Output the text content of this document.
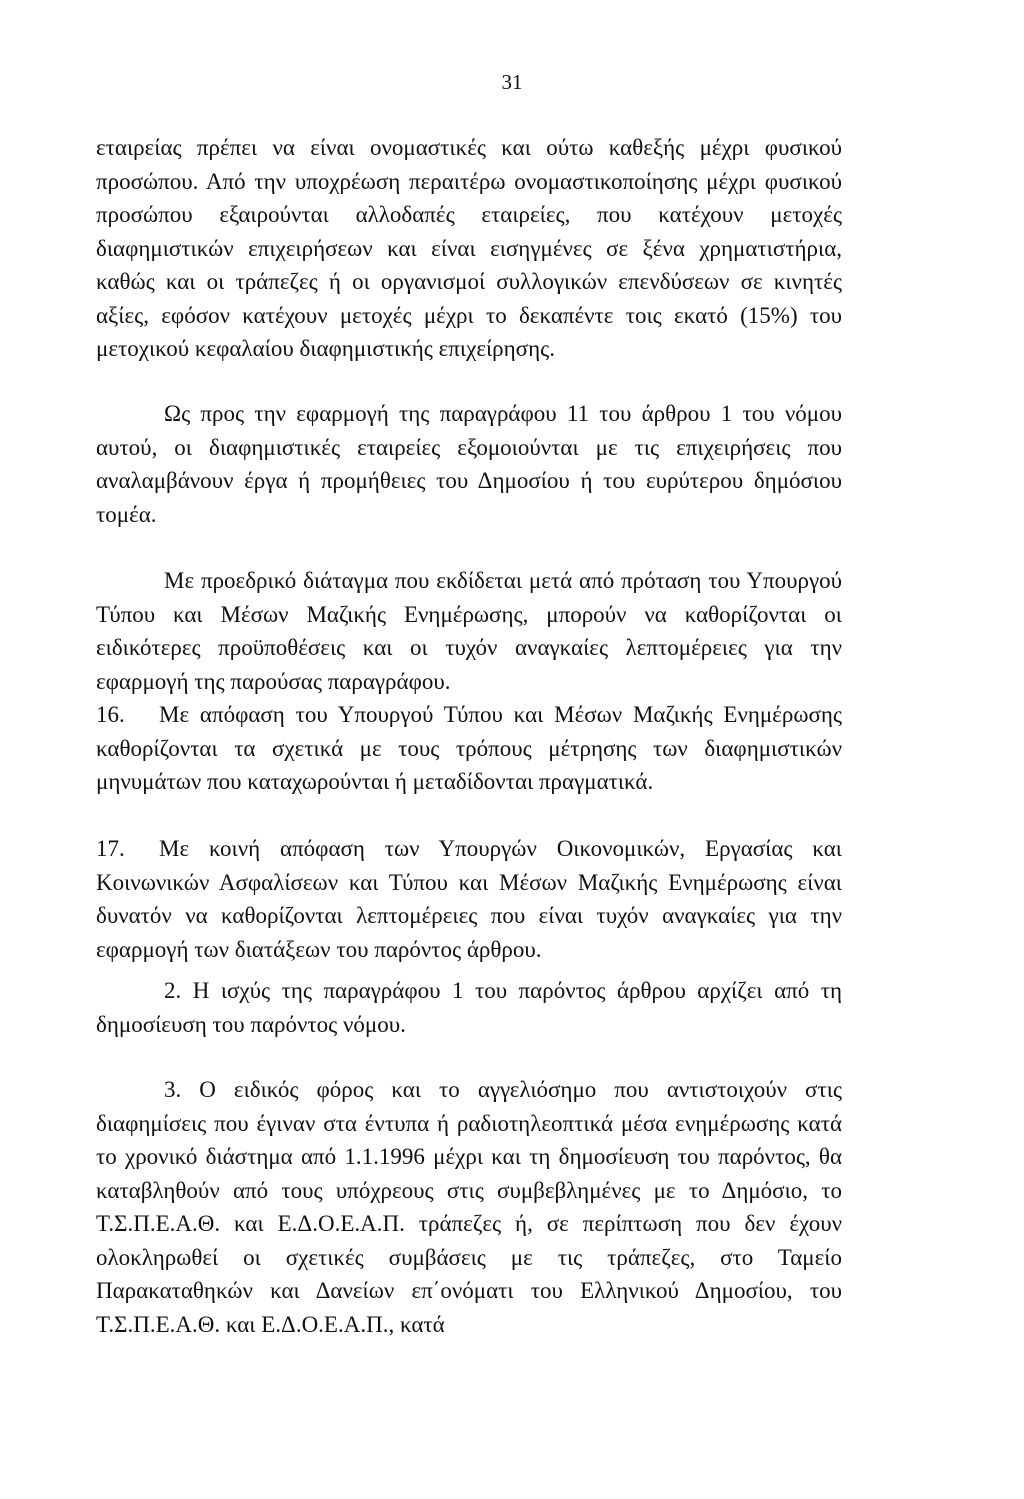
31

εταιρείας πρέπει να είναι ονομαστικές και ούτω καθεξής μέχρι φυσικού προσώπου. Από την υποχρέωση περαιτέρω ονομαστικοποίησης μέχρι φυσικού προσώπου εξαιρούνται αλλοδαπές εταιρείες, που κατέχουν μετοχές διαφημιστικών επιχειρήσεων και είναι εισηγμένες σε ξένα χρηματιστήρια, καθώς και οι τράπεζες ή οι οργανισμοί συλλογικών επενδύσεων σε κινητές αξίες, εφόσον κατέχουν μετοχές μέχρι το δεκαπέντε τοις εκατό (15%) του μετοχικού κεφαλαίου διαφημιστικής επιχείρησης.

Ως προς την εφαρμογή της παραγράφου 11 του άρθρου 1 του νόμου αυτού, οι διαφημιστικές εταιρείες εξομοιούνται με τις επιχειρήσεις που αναλαμβάνουν έργα ή προμήθειες του Δημοσίου ή του ευρύτερου δημόσιου τομέα.

Με προεδρικό διάταγμα που εκδίδεται μετά από πρόταση του Υπουργού Τύπου και Μέσων Μαζικής Ενημέρωσης, μπορούν να καθορίζονται οι ειδικότερες προϋποθέσεις και οι τυχόν αναγκαίες λεπτομέρειες για την εφαρμογή της παρούσας παραγράφου.

16. Με απόφαση του Υπουργού Τύπου και Μέσων Μαζικής Ενημέρωσης καθορίζονται τα σχετικά με τους τρόπους μέτρησης των διαφημιστικών μηνυμάτων που καταχωρούνται ή μεταδίδονται πραγματικά.

17. Με κοινή απόφαση των Υπουργών Οικονομικών, Εργασίας και Κοινωνικών Ασφαλίσεων και Τύπου και Μέσων Μαζικής Ενημέρωσης είναι δυνατόν να καθορίζονται λεπτομέρειες που είναι τυχόν αναγκαίες για την εφαρμογή των διατάξεων του παρόντος άρθρου.

2. Η ισχύς της παραγράφου 1 του παρόντος άρθρου αρχίζει από τη δημοσίευση του παρόντος νόμου.

3. Ο ειδικός φόρος και το αγγελιόσημο που αντιστοιχούν στις διαφημίσεις που έγιναν στα έντυπα ή ραδιοτηλεοπτικά μέσα ενημέρωσης κατά το χρονικό διάστημα από 1.1.1996 μέχρι και τη δημοσίευση του παρόντος, θα καταβληθούν από τους υπόχρεους στις συμβεβλημένες με το Δημόσιο, το Τ.Σ.Π.Ε.Α.Θ. και Ε.Δ.Ο.Ε.Α.Π. τράπεζες ή, σε περίπτωση που δεν έχουν ολοκληρωθεί οι σχετικές συμβάσεις με τις τράπεζες, στο Ταμείο Παρακαταθηκών και Δανείων επ΄ονόματι του Ελληνικού Δημοσίου, του Τ.Σ.Π.Ε.Α.Θ. και Ε.Δ.Ο.Ε.Α.Π., κατά
